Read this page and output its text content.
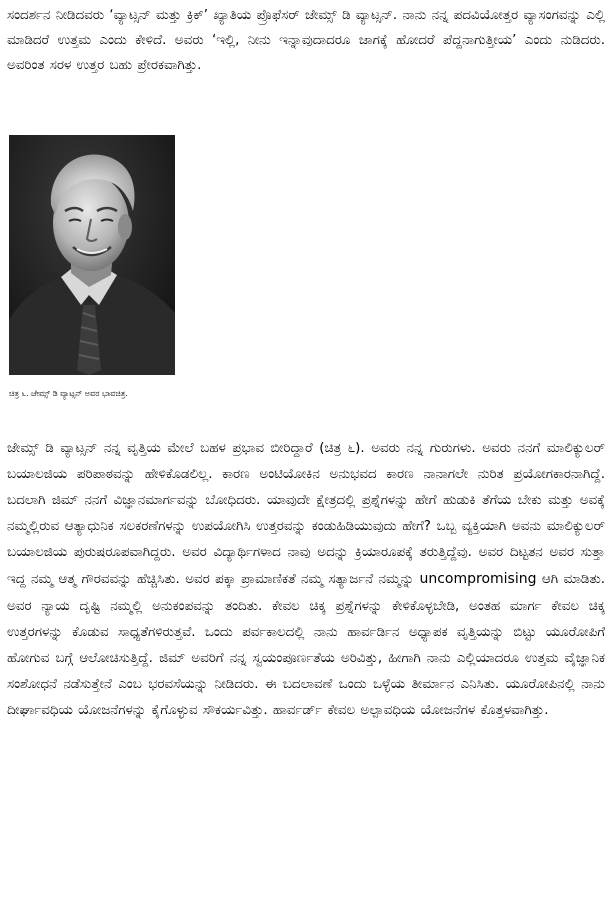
ಸಂದರ್ಶನ ನೀಡಿದವರು ‘ವ್ಯಾಟ್ಸನ್ ಮತ್ತು ಕ್ರಿಕ್’ ಖ್ಯಾತಿಯ ಪ್ರೊಫೆಸರ್ ಜೇಮ್ಸ್ ಡಿ ವ್ಯಾಟ್ಸನ್. ನಾನು ನನ್ನ ಪದವಿಯೋತ್ತರ ವ್ಯಾಸಂಗವನ್ನು ಎಲ್ಲಿ ಮಾಡಿದರೆ ಉತ್ತಮ ಎಂದು ಕೇಳಿದೆ. ಅವರು ‘ಇಲ್ಲಿ, ನೀನು ಇನ್ನಾವುದಾದರೂ ಜಾಗಕ್ಕೆ ಹೋದರೆ ಪೆದ್ದನಾಗುತ್ತೀಯ’ ಎಂದು ನುಡಿದರು. ಅವರಿಂತ ಸರಳ ಉತ್ತರ ಬಹು ಪ್ರೇರಕವಾಗಿತ್ತು.

ಚಿತ್ರ ೬. ಜೇಮ್ಸ್ ಡಿ ವ್ಯಾಟ್ಸನ್ ಅವರ ಭಾವಚಿತ್ರ.

ಜೇಮ್ಸ್ ಡಿ ವ್ಯಾಟ್ಸನ್ ನನ್ನ ವೃತ್ತಿಯ ಮೇಲೆ ಬಹಳ ಪ್ರಭಾವ ಬೀರಿದ್ದಾರೆ (ಚಿತ್ರ ೬). ಅವರು ನನ್ನ ಗುರುಗಳು. ಅವರು ನನಗೆ ಮಾಲಿಕ್ಯುಲರ್ ಬಯಾಲಜಿಯ ಪರಿಪಾಠವನ್ನು ಹೇಳಿಕೊಡಲಿಲ್ಲ. ಕಾರಣ ಅಂಟಿಯೋಕಿನ ಅನುಭವದ ಕಾರಣ ನಾನಾಗಲೇ ನುರಿತ ಪ್ರಯೋಗಕಾರನಾಗಿದ್ದೆ. ಬದಲಾಗಿ ಜಿಮ್ ನನಗೆ ವಿಜ್ಞಾನಮಾರ್ಗವನ್ನು ಬೋಧಿದರು. ಯಾವುದೇ ಕ್ಷೇತ್ರದಲ್ಲಿ ಪ್ರಶ್ನೆಗಳನ್ನು ಹೇಗೆ ಹುಡುಕಿ ತೆಗೆಯ ಬೇಕು ಮತ್ತು ಅವಕ್ಕೆ ನಮ್ಮಲ್ಲಿರುವ ಆತ್ಯಾಧುನಿಕ ಸಲಕರಣೆಗಳನ್ನು ಉಪಯೋಗಿಸಿ ಉತ್ತರವನ್ನು ಕಂಡುಹಿಡಿಯುವುದು ಹೇಗೆ? ಒಬ್ಬ ವ್ಯಕ್ತಿಯಾಗಿ ಅವನು ಮಾಲಿಕ್ಯುಲರ್ ಬಯಾಲಜಿಯ ಪುರುಷರೂಪವಾಗಿದ್ದರು. ಅವರ ವಿದ್ಯಾರ್ಥಿಗಳಾದ ನಾವು ಅದನ್ನು ಕ್ರಿಯಾರೂಪಕ್ಕೆ ತರುತ್ತಿದ್ದೆವು. ಅವರ ದಿಟ್ಟತನ ಅವರ ಸುತ್ತಾ ಇದ್ದ ನಮ್ಮ ಆತ್ಮ ಗೌರವವನ್ನು ಹೆಚ್ಚಿಸಿತು. ಅವರ ಪಕ್ಕಾ ಪ್ರಾಮಾಣಿಕತೆ ನಮ್ಮ ಸತ್ಯಾರ್ಜನೆ ನಮ್ಮನ್ನು uncompromising ಆಗಿ ಮಾಡಿತು. ಅವರ ನ್ಯಾಯ ದೃಷ್ಟಿ ನಮ್ಮಲ್ಲಿ ಅನುಕಂಪವನ್ನು ತಂದಿತು. ಕೇವಲ ಚಿಕ್ಕ ಪ್ರಶ್ನೆಗಳನ್ನು ಕೇಳಿಕೊಳ್ಳಬೇಡಿ, ಅಂತಹ ಮಾರ್ಗ ಕೇವಲ ಚಿಕ್ಕ ಉತ್ತರಗಳನ್ನು ಕೊಡುವ ಸಾಧ್ಯತೆಗಳಿರುತ್ತವೆ. ಒಂದು ಪರ್ವಕಾಲದಲ್ಲಿ ನಾನು ಹಾರ್ವರ್ಡಿನ ಅಧ್ಯಾಪಕ ವೃತ್ತಿಯನ್ನು ಬಿಟ್ಟು ಯೂರೋಪಿಗೆ ಹೋಗುವ ಬಗ್ಗೆ ಆಲೋಚಿಸುತ್ತಿದ್ದೆ. ಜಿಮ್ ಅವರಿಗೆ ನನ್ನ ಸ್ವಯಂಪೂರ್ಣತೆಯ ಅರಿವಿತ್ತು, ಹೀಗಾಗಿ ನಾನು ಎಲ್ಲಿಯಾದರೂ ಉತ್ತಮ ವೈಜ್ಞಾನಿಕ ಸಂಶೋಧನೆ ನಡೆಸುತ್ತೇನೆ ಎಂಬ ಭರವಸೆಯನ್ನು ನೀಡಿದರು. ಈ ಬದಲಾವಣೆ ಒಂದು ಒಳ್ಳೆಯ ತೀರ್ಮಾನ ಎನಿಸಿತು. ಯೂರೋಪಿನಲ್ಲಿ ನಾನು ದೀರ್ಘಾವಧಿಯ ಯೋಜನೆಗಳನ್ನು ಕೈಗೊಳ್ಳುವ ಸೌಕರ್ಯವಿತ್ತು. ಹಾರ್ವರ್ಡ್ ಕೇವಲ ಅಲ್ಪಾವಧಿಯ ಯೋಜನೆಗಳ ಕೊತ್ತಳವಾಗಿತ್ತು.
